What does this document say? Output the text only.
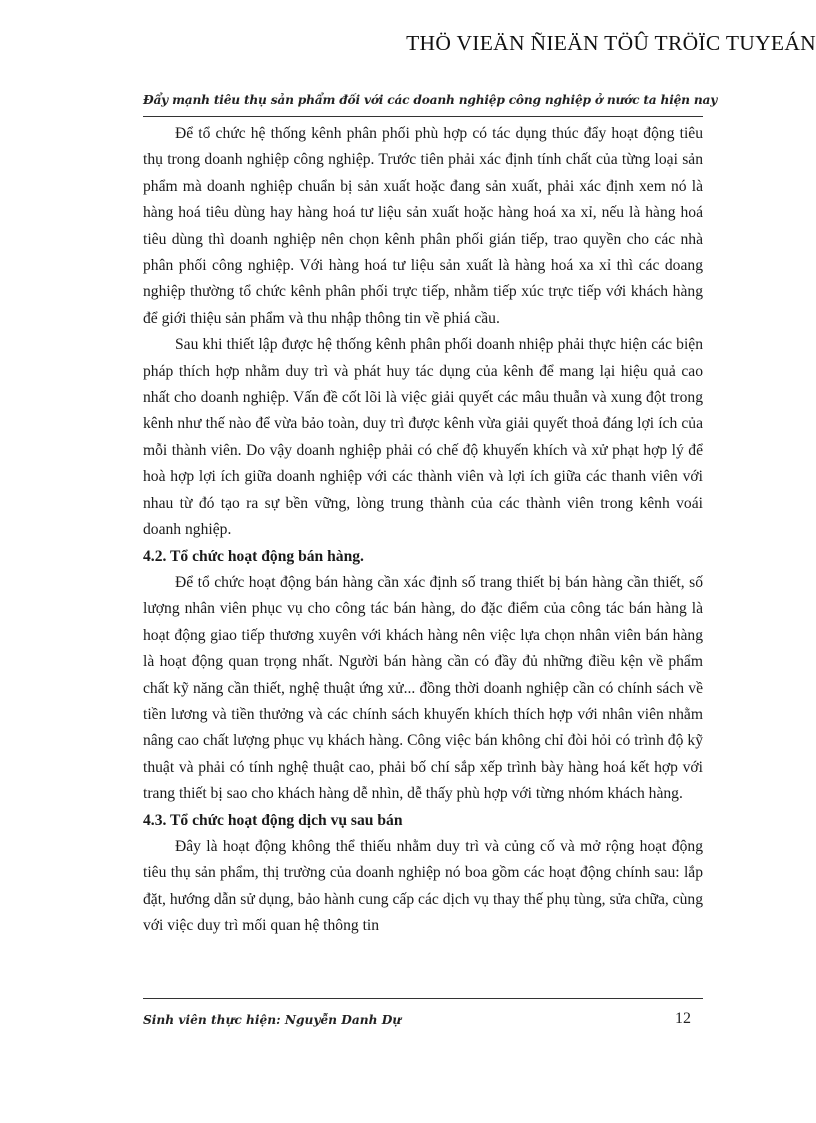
THÖ VIEÄN ÑIEÄN TÖÛ TRÖÏC TUYEÁN
Đẩy mạnh tiêu thụ sản phẩm đối với các doanh nghiệp công nghiệp ở nước ta hiện nay

Để tổ chức hệ thống kênh phân phối phù hợp có tác dụng thúc đẩy hoạt động tiêu thụ trong doanh nghiệp công nghiệp. Trước tiên phải xác định tính chất của từng loại sản phẩm mà doanh nghiệp chuẩn bị sản xuất hoặc đang sản xuất, phải xác định xem nó là hàng hoá tiêu dùng hay hàng hoá tư liệu sản xuất hoặc hàng hoá xa xỉ, nếu là hàng hoá tiêu dùng thì doanh nghiệp nên chọn kênh phân phối gián tiếp, trao quyền cho các nhà phân phối công nghiệp. Với hàng hoá tư liệu sản xuất là hàng hoá xa xỉ thì các doang nghiệp thường tổ chức kênh phân phối trực tiếp, nhằm tiếp xúc trực tiếp với khách hàng để giới thiệu sản phẩm và thu nhập thông tin về phiá cầu.

Sau khi thiết lập được hệ thống kênh phân phối doanh nhiệp phải thực hiện các biện pháp thích hợp nhằm duy trì và phát huy tác dụng của kênh để mang lại hiệu quả cao nhất cho doanh nghiệp. Vấn đề cốt lõi là việc giải quyết các mâu thuẫn và xung đột trong kênh như thế nào để vừa bảo toàn, duy trì được kênh vừa giải quyết thoả đáng lợi ích của mỗi thành viên. Do vậy doanh nghiệp phải có chế độ khuyến khích và xử phạt hợp lý để hoà hợp lợi ích giữa doanh nghiệp với các thành viên và lợi ích giữa các thanh viên với nhau từ đó tạo ra sự bền vững, lòng trung thành của các thành viên trong kênh voái doanh nghiệp.

4.2. Tổ chức hoạt động bán hàng.

Để tổ chức hoạt động bán hàng cần xác định số trang thiết bị bán hàng cần thiết, số lượng nhân viên phục vụ cho công tác bán hàng, do đặc điểm của công tác bán hàng là hoạt động giao tiếp thương xuyên với khách hàng nên việc lựa chọn nhân viên bán hàng là hoạt động quan trọng nhất. Người bán hàng cần có đầy đủ những điều kện về phẩm chất kỹ năng cần thiết, nghệ thuật ứng xử... đồng thời doanh nghiệp cần có chính sách về tiền lương và tiền thưởng và các chính sách khuyến khích thích hợp với nhân viên nhằm nâng cao chất lượng phục vụ khách hàng. Công việc bán không chỉ đòi hỏi có trình độ kỹ thuật và phải có tính nghệ thuật cao, phải bố chí sắp xếp trình bày hàng hoá kết hợp với trang thiết bị sao cho khách hàng dễ nhìn, dễ thấy phù hợp với từng nhóm khách hàng.

4.3. Tổ chức hoạt động dịch vụ sau bán

Đây là hoạt động không thể thiếu nhằm duy trì và củng cố và mở rộng hoạt động tiêu thụ sản phẩm, thị trường của doanh nghiệp nó boa gồm các hoạt động chính sau: lắp đặt, hướng dẫn sử dụng, bảo hành cung cấp các dịch vụ thay thế phụ tùng, sửa chữa, cùng với việc duy trì mối quan hệ thông tin

Sinh viên thực hiện: Nguyễn Danh Dự	12
